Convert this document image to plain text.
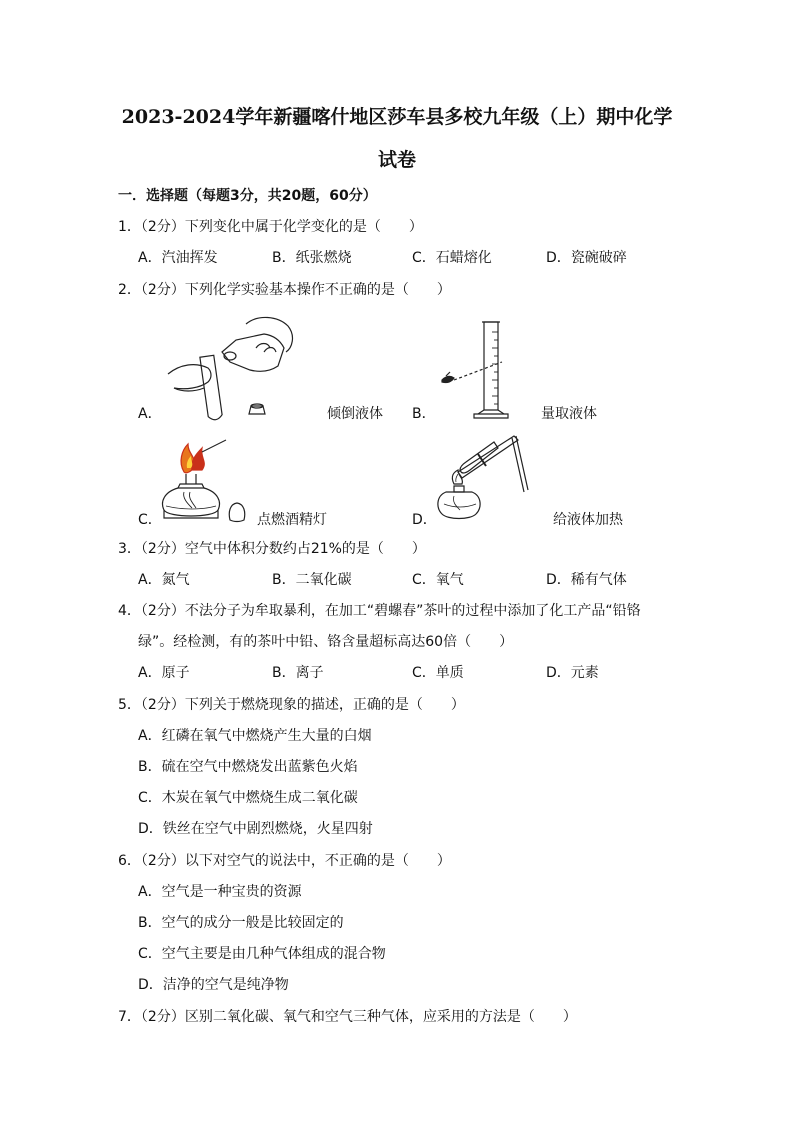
2023-2024学年新疆喀什地区莎车县多校九年级（上）期中化学
试卷
一．选择题（每题3分，共20题，60分）
1．（2分）下列变化中属于化学变化的是（　　）
A．汽油挥发	B．纸张燃烧	C．石蜡熔化	D．瓷碗破碎
2．（2分）下列化学实验基本操作不正确的是（　　）
A．	倾倒液体 B．	量取液体
C．	点燃酒精灯	D．	给液体加热
3．（2分）空气中体积分数约占21%的是（　　）
A．氮气	B．二氧化碳	C．氧气	D．稀有气体
4．（2分）不法分子为牟取暴利，在加工“碧螺春”茶叶的过程中添加了化工产品“铅铬
绿”。经检测，有的茶叶中铅、铬含量超标高达60倍（　　）
A．原子	B．离子	C．单质	D．元素
5．（2分）下列关于燃烧现象的描述，正确的是（　　）
A．红磷在氧气中燃烧产生大量的白烟
B．硫在空气中燃烧发出蓝紫色火焰
C．木炭在氧气中燃烧生成二氧化碳
D．铁丝在空气中剧烈燃烧，火星四射
6．（2分）以下对空气的说法中，不正确的是（　　）
A．空气是一种宝贵的资源
B．空气的成分一般是比较固定的
C．空气主要是由几种气体组成的混合物
D．洁净的空气是纯净物
7．（2分）区别二氧化碳、氧气和空气三种气体，应采用的方法是（　　）
